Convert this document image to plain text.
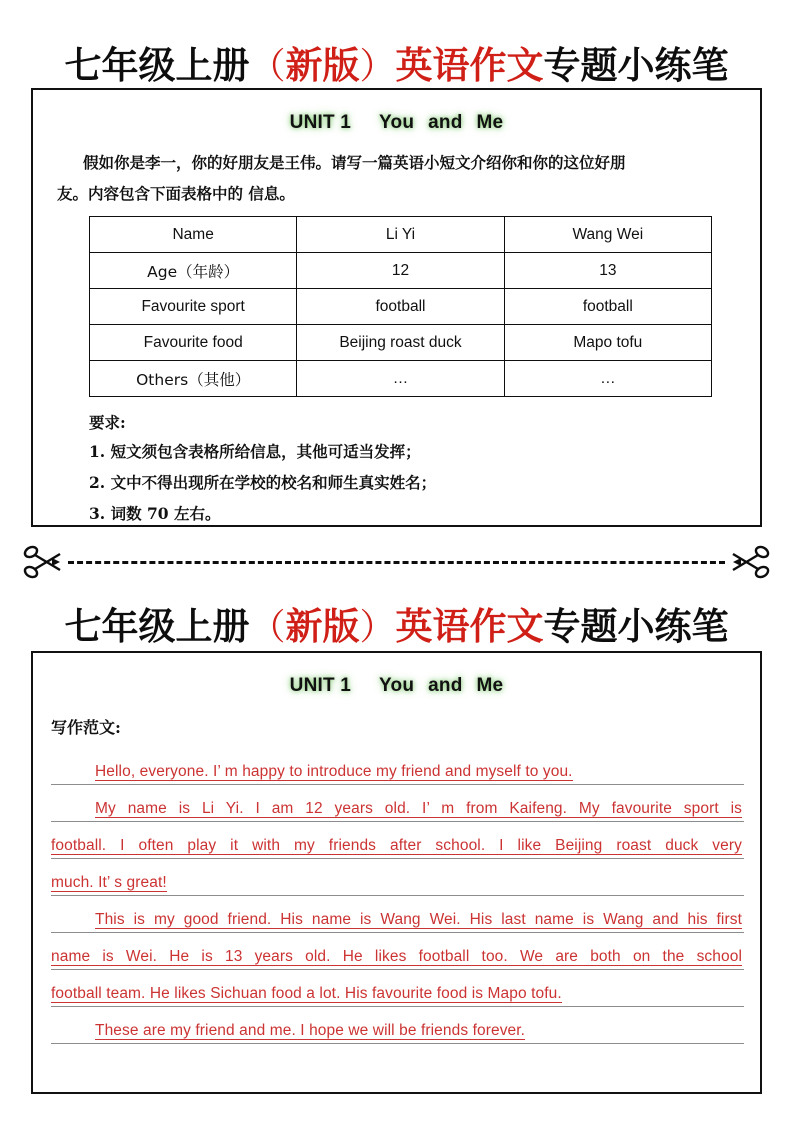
七年级上册（新版）英语作文专题小练笔
UNIT 1 You and Me
假如你是李一，你的好朋友是王伟。请写一篇英语小短文介绍你和你的这位好朋
友。内容包含下面表格中的 信息。
Name	Li Yi	Wang Wei
Age（年龄）	12	13
Favourite sport	football	football
Favourite food	Beijing roast duck	Mapo tofu
Others（其他）	…	…
要求:
1. 短文须包含表格所给信息，其他可适当发挥；
2. 文中不得出现所在学校的校名和师生真实姓名；
3. 词数 70 左右。
七年级上册（新版）英语作文专题小练笔
UNIT 1 You and Me
写作范文:
Hello, everyone. I’ m happy to introduce my friend and myself to you.
My name is Li Yi. I am 12 years old. I’ m from Kaifeng. My favourite sport is
football. I often play it with my friends after school. I like Beijing roast duck very
much. It’ s great!
This is my good friend. His name is Wang Wei. His last name is Wang and his first
name is Wei. He is 13 years old. He likes football too. We are both on the school
football team. He likes Sichuan food a lot. His favourite food is Mapo tofu.
These are my friend and me. I hope we will be friends forever.
